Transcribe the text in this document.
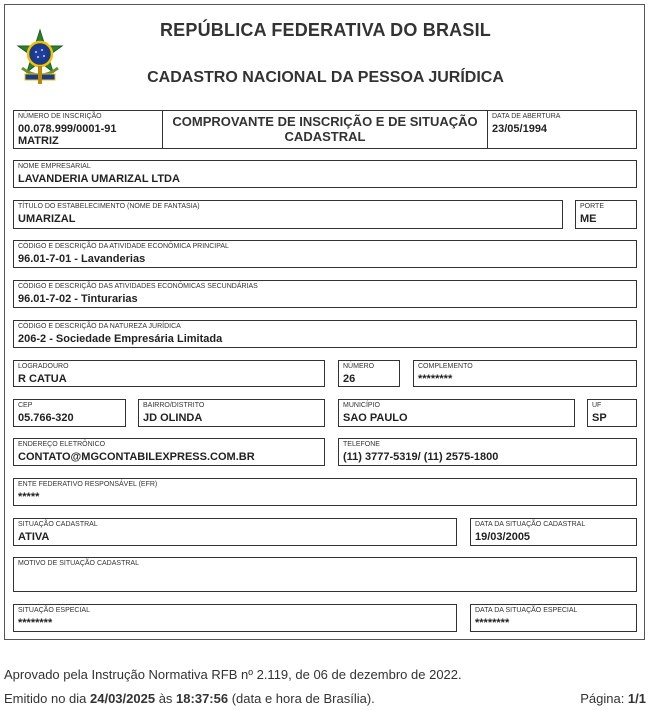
REPÚBLICA FEDERATIVA DO BRASIL
CADASTRO NACIONAL DA PESSOA JURÍDICA
NÚMERO DE INSCRIÇÃO
00.078.999/0001-91
MATRIZ
COMPROVANTE DE INSCRIÇÃO E DE SITUAÇÃO
CADASTRAL
DATA DE ABERTURA
23/05/1994
NOME EMPRESARIAL
LAVANDERIA UMARIZAL LTDA
TÍTULO DO ESTABELECIMENTO (NOME DE FANTASIA)
UMARIZAL
PORTE
ME
CÓDIGO E DESCRIÇÃO DA ATIVIDADE ECONÔMICA PRINCIPAL
96.01-7-01 - Lavanderias
CÓDIGO E DESCRIÇÃO DAS ATIVIDADES ECONÔMICAS SECUNDÁRIAS
96.01-7-02 - Tinturarias
CÓDIGO E DESCRIÇÃO DA NATUREZA JURÍDICA
206-2 - Sociedade Empresária Limitada
LOGRADOURO
R CATUA
NÚMERO
26
COMPLEMENTO
********
CEP
05.766-320
BAIRRO/DISTRITO
JD OLINDA
MUNICÍPIO
SAO PAULO
UF
SP
ENDEREÇO ELETRÔNICO
CONTATO@MGCONTABILEXPRESS.COM.BR
TELEFONE
(11) 3777-5319/ (11) 2575-1800
ENTE FEDERATIVO RESPONSÁVEL (EFR)
*****
SITUAÇÃO CADASTRAL
ATIVA
DATA DA SITUAÇÃO CADASTRAL
19/03/2005
MOTIVO DE SITUAÇÃO CADASTRAL
SITUAÇÃO ESPECIAL
********
DATA DA SITUAÇÃO ESPECIAL
********
Aprovado pela Instrução Normativa RFB nº 2.119, de 06 de dezembro de 2022.
Emitido no dia 24/03/2025 às 18:37:56 (data e hora de Brasília).	Página: 1/1
